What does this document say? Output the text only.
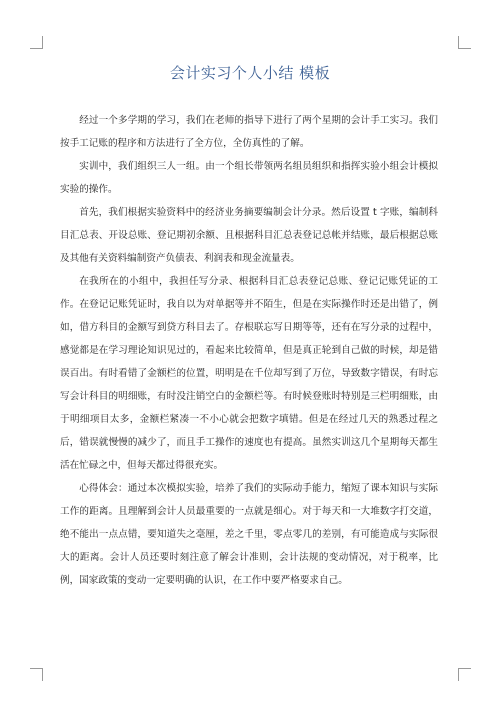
会计实习个人小结 模板

经过一个多学期的学习，我们在老师的指导下进行了两个星期的会计手工实习。我们按手工记账的程序和方法进行了全方位，全仿真性的了解。

实训中，我们组织三人一组。由一个组长带领两名组员组织和指挥实验小组会计模拟实验的操作。

首先，我们根据实验资料中的经济业务摘要编制会计分录。然后设置 t 字账，编制科目汇总表、开设总账、登记期初余额、且根据科目汇总表登记总帐并结账，最后根据总账及其他有关资料编制资产负债表、利润表和现金流量表。

在我所在的小组中，我担任写分录、根据科目汇总表登记总账、登记记账凭证的工作。在登记记账凭证时，我自以为对单据等并不陌生，但是在实际操作时还是出错了，例如，借方科目的金额写到贷方科目去了。存根联忘写日期等等，还有在写分录的过程中，感觉都是在学习理论知识见过的，看起来比较简单，但是真正轮到自己做的时候，却是错误百出。有时看错了金额栏的位置，明明是在千位却写到了万位，导致数字错误，有时忘写会计科目的明细账，有时没注销空白的金额栏等。有时候登账时特别是三栏明细账，由于明细项目太多，金额栏紧凑一不小心就会把数字填错。但是在经过几天的熟悉过程之后，错误就慢慢的减少了，而且手工操作的速度也有提高。虽然实训这几个星期每天都生活在忙碌之中，但每天都过得很充实。

心得体会：通过本次模拟实验，培养了我们的实际动手能力，缩短了课本知识与实际工作的距离。且理解到会计人员最重要的一点就是细心。对于每天和一大堆数字打交道，绝不能出一点点错，要知道失之毫厘，差之千里，零点零几的差别，有可能造成与实际很大的距离。会计人员还要时刻注意了解会计准则，会计法规的变动情况，对于税率，比例，国家政策的变动一定要明确的认识，在工作中要严格要求自己。
